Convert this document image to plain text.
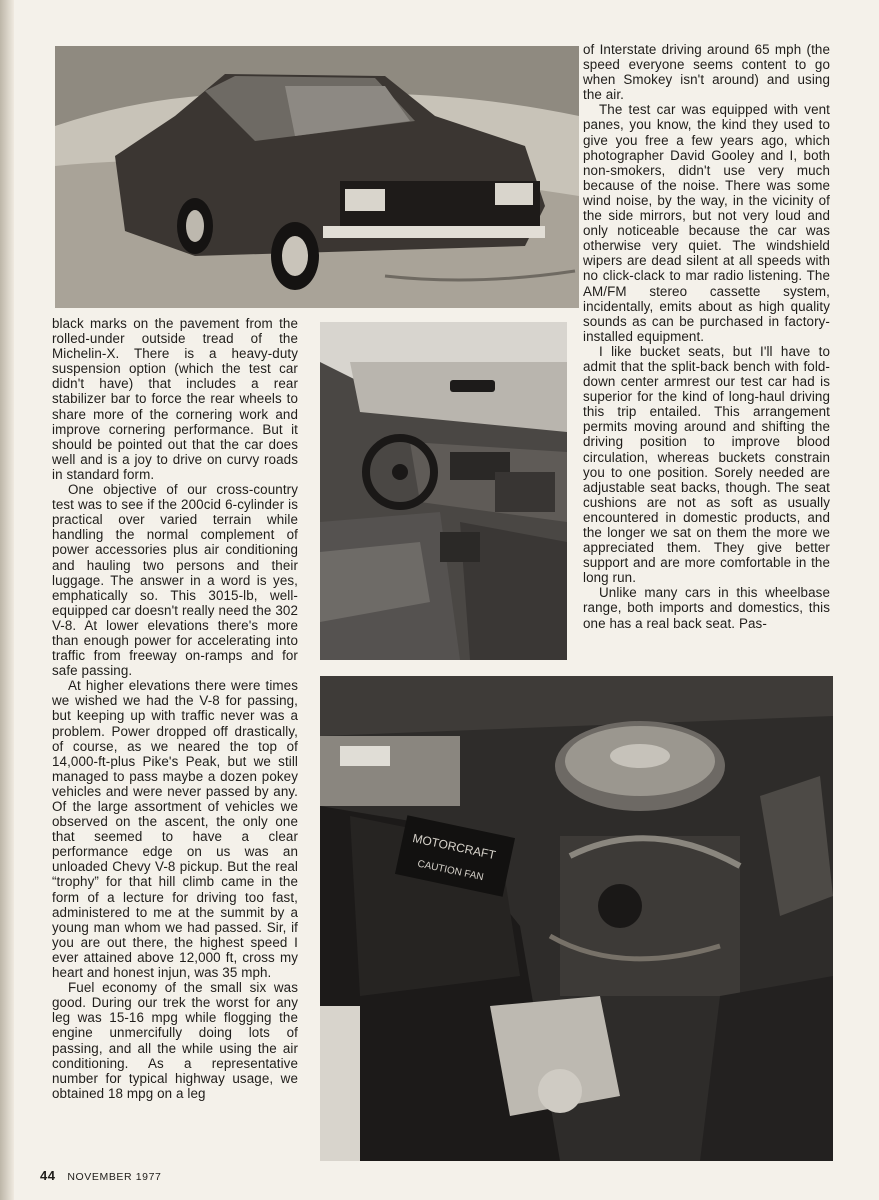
MOTORCRAFT
CAUTION FAN

black marks on the pavement from the rolled-under outside tread of the Michelin-X. There is a heavy-duty suspension option (which the test car didn't have) that includes a rear stabilizer bar to force the rear wheels to share more of the cornering work and improve cornering performance. But it should be pointed out that the car does well and is a joy to drive on curvy roads in standard form.

One objective of our cross-country test was to see if the 200cid 6-cylinder is practical over varied terrain while handling the normal complement of power accessories plus air conditioning and hauling two persons and their luggage. The answer in a word is yes, emphatically so. This 3015-lb, well-equipped car doesn't really need the 302 V-8. At lower elevations there's more than enough power for accelerating into traffic from freeway on-ramps and for safe passing.

At higher elevations there were times we wished we had the V-8 for passing, but keeping up with traffic never was a problem. Power dropped off drastically, of course, as we neared the top of 14,000-ft-plus Pike's Peak, but we still managed to pass maybe a dozen pokey vehicles and were never passed by any. Of the large assortment of vehicles we observed on the ascent, the only one that seemed to have a clear performance edge on us was an unloaded Chevy V-8 pickup. But the real “trophy” for that hill climb came in the form of a lecture for driving too fast, administered to me at the summit by a young man whom we had passed. Sir, if you are out there, the highest speed I ever attained above 12,000 ft, cross my heart and honest injun, was 35 mph.

Fuel economy of the small six was good. During our trek the worst for any leg was 15-16 mpg while flogging the engine unmercifully doing lots of passing, and all the while using the air conditioning. As a representative number for typical highway usage, we obtained 18 mpg on a leg

of Interstate driving around 65 mph (the speed everyone seems content to go when Smokey isn't around) and using the air.

The test car was equipped with vent panes, you know, the kind they used to give you free a few years ago, which photographer David Gooley and I, both non-smokers, didn't use very much because of the noise. There was some wind noise, by the way, in the vicinity of the side mirrors, but not very loud and only noticeable because the car was otherwise very quiet. The windshield wipers are dead silent at all speeds with no click-clack to mar radio listening. The AM/FM stereo cassette system, incidentally, emits about as high quality sounds as can be purchased in factory-installed equipment.

I like bucket seats, but I'll have to admit that the split-back bench with fold-down center armrest our test car had is superior for the kind of long-haul driving this trip entailed. This arrangement permits moving around and shifting the driving position to improve blood circulation, whereas buckets constrain you to one position. Sorely needed are adjustable seat backs, though. The seat cushions are not as soft as usually encountered in domestic products, and the longer we sat on them the more we appreciated them. They give better support and are more comfortable in the long run.

Unlike many cars in this wheelbase range, both imports and domestics, this one has a real back seat. Pas-

44 NOVEMBER 1977
